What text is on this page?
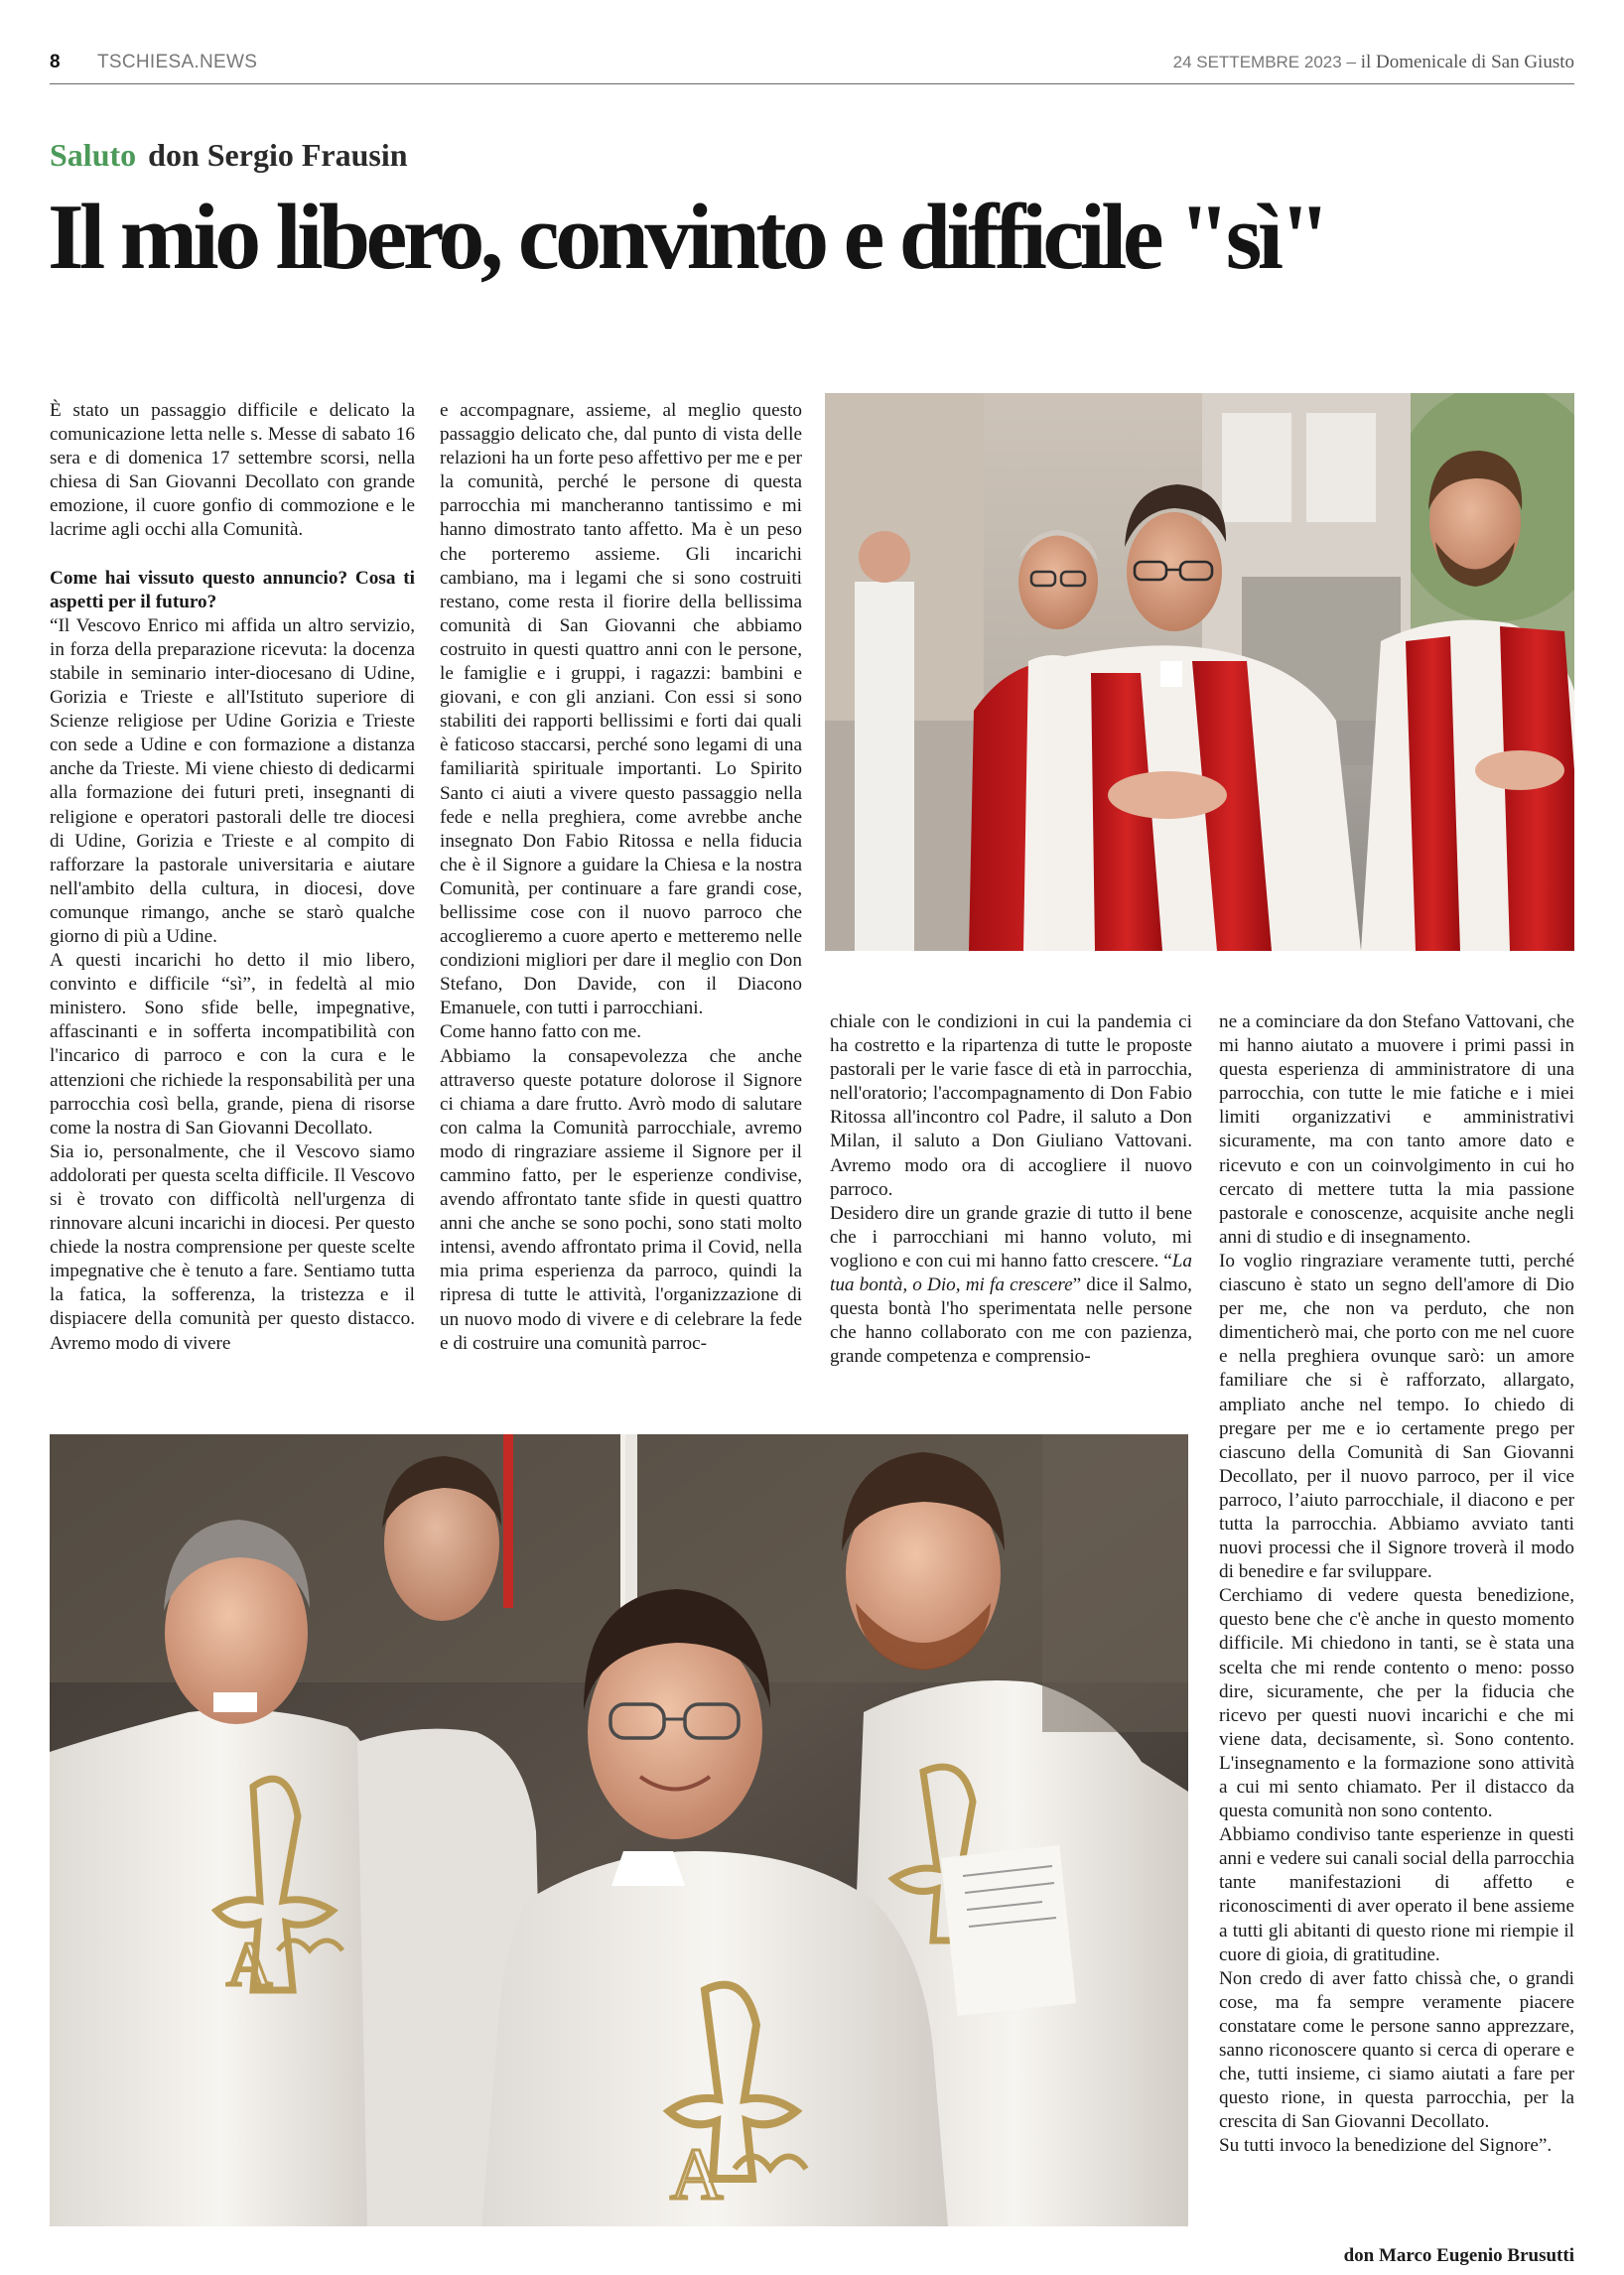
8 TSCHIESA.NEWS	24 SETTEMBRE 2023 – il Domenicale di San Giusto
Saluto don Sergio Frausin
Il mio libero, convinto e difficile "sì"

È stato un passaggio difficile e delicato la comunicazione letta nelle s. Messe di sabato 16 sera e di domenica 17 settembre scorsi, nella chiesa di San Giovanni Decollato con grande emozione, il cuore gonfio di commozione e le lacrime agli occhi alla Comunità.

Come hai vissuto questo annuncio? Cosa ti aspetti per il futuro?

“Il Vescovo Enrico mi affida un altro servizio, in forza della preparazione ricevuta: la docenza stabile in seminario inter-diocesano di Udine, Gorizia e Trieste e all'Istituto superiore di Scienze religiose per Udine Gorizia e Trieste con sede a Udine e con formazione a distanza anche da Trieste. Mi viene chiesto di dedicarmi alla formazione dei futuri preti, insegnanti di religione e operatori pastorali delle tre diocesi di Udine, Gorizia e Trieste e al compito di rafforzare la pastorale universitaria e aiutare nell'ambito della cultura, in diocesi, dove comunque rimango, anche se starò qualche giorno di più a Udine.

A questi incarichi ho detto il mio libero, convinto e difficile “sì”, in fedeltà al mio ministero. Sono sfide belle, impegnative, affascinanti e in sofferta incompatibilità con l'incarico di parroco e con la cura e le attenzioni che richiede la responsabilità per una parrocchia così bella, grande, piena di risorse come la nostra di San Giovanni Decollato.

Sia io, personalmente, che il Vescovo siamo addolorati per questa scelta difficile. Il Vescovo si è trovato con difficoltà nell'urgenza di rinnovare alcuni incarichi in diocesi. Per questo chiede la nostra comprensione per queste scelte impegnative che è tenuto a fare. Sentiamo tutta la fatica, la sofferenza, la tristezza e il dispiacere della comunità per questo distacco. Avremo modo di vivere

e accompagnare, assieme, al meglio questo passaggio delicato che, dal punto di vista delle relazioni ha un forte peso affettivo per me e per la comunità, perché le persone di questa parrocchia mi mancheranno tantissimo e mi hanno dimostrato tanto affetto. Ma è un peso che porteremo assieme. Gli incarichi cambiano, ma i legami che si sono costruiti restano, come resta il fiorire della bellissima comunità di San Giovanni che abbiamo costruito in questi quattro anni con le persone, le famiglie e i gruppi, i ragazzi: bambini e giovani, e con gli anziani. Con essi si sono stabiliti dei rapporti bellissimi e forti dai quali è faticoso staccarsi, perché sono legami di una familiarità spirituale importanti. Lo Spirito Santo ci aiuti a vivere questo passaggio nella fede e nella preghiera, come avrebbe anche insegnato Don Fabio Ritossa e nella fiducia che è il Signore a guidare la Chiesa e la nostra Comunità, per continuare a fare grandi cose, bellissime cose con il nuovo parroco che accoglieremo a cuore aperto e metteremo nelle condizioni migliori per dare il meglio con Don Stefano, Don Davide, con il Diacono Emanuele, con tutti i parrocchiani.

Come hanno fatto con me.

Abbiamo la consapevolezza che anche attraverso queste potature dolorose il Signore ci chiama a dare frutto. Avrò modo di salutare con calma la Comunità parrocchiale, avremo modo di ringraziare assieme il Signore per il cammino fatto, per le esperienze condivise, avendo affrontato tante sfide in questi quattro anni che anche se sono pochi, sono stati molto intensi, avendo affrontato prima il Covid, nella mia prima esperienza da parroco, quindi la ripresa di tutte le attività, l'organizzazione di un nuovo modo di vivere e di celebrare la fede e di costruire una comunità parroc-

chiale con le condizioni in cui la pandemia ci ha costretto e la ripartenza di tutte le proposte pastorali per le varie fasce di età in parrocchia, nell'oratorio; l'accompagnamento di Don Fabio Ritossa all'incontro col Padre, il saluto a Don Milan, il saluto a Don Giuliano Vattovani. Avremo modo ora di accogliere il nuovo parroco.

Desidero dire un grande grazie di tutto il bene che i parrocchiani mi hanno voluto, mi vogliono e con cui mi hanno fatto crescere. “La tua bontà, o Dio, mi fa crescere” dice il Salmo, questa bontà l'ho sperimentata nelle persone che hanno collaborato con me con pazienza, grande competenza e comprensio-

ne a cominciare da don Stefano Vattovani, che mi hanno aiutato a muovere i primi passi in questa esperienza di amministratore di una parrocchia, con tutte le mie fatiche e i miei limiti organizzativi e amministrativi sicuramente, ma con tanto amore dato e ricevuto e con un coinvolgimento in cui ho cercato di mettere tutta la mia passione pastorale e conoscenze, acquisite anche negli anni di studio e di insegnamento.

Io voglio ringraziare veramente tutti, perché ciascuno è stato un segno dell'amore di Dio per me, che non va perduto, che non dimenticherò mai, che porto con me nel cuore e nella preghiera ovunque sarò: un amore familiare che si è rafforzato, allargato, ampliato anche nel tempo. Io chiedo di pregare per me e io certamente prego per ciascuno della Comunità di San Giovanni Decollato, per il nuovo parroco, per il vice parroco, l’aiuto parrocchiale, il diacono e per tutta la parrocchia. Abbiamo avviato tanti nuovi processi che il Signore troverà il modo di benedire e far sviluppare.

Cerchiamo di vedere questa benedizione, questo bene che c'è anche in questo momento difficile. Mi chiedono in tanti, se è stata una scelta che mi rende contento o meno: posso dire, sicuramente, che per la fiducia che ricevo per questi nuovi incarichi e che mi viene data, decisamente, sì. Sono contento. L'insegnamento e la formazione sono attività a cui mi sento chiamato. Per il distacco da questa comunità non sono contento.

Abbiamo condiviso tante esperienze in questi anni e vedere sui canali social della parrocchia tante manifestazioni di affetto e riconoscimenti di aver operato il bene assieme a tutti gli abitanti di questo rione mi riempie il cuore di gioia, di gratitudine.

Non credo di aver fatto chissà che, o grandi cose, ma fa sempre veramente piacere constatare come le persone sanno apprezzare, sanno riconoscere quanto si cerca di operare e che, tutti insieme, ci siamo aiutati a fare per questo rione, in questa parrocchia, per la crescita di San Giovanni Decollato.

Su tutti invoco la benedizione del Signore”.

don Marco Eugenio Brusutti
A
A
